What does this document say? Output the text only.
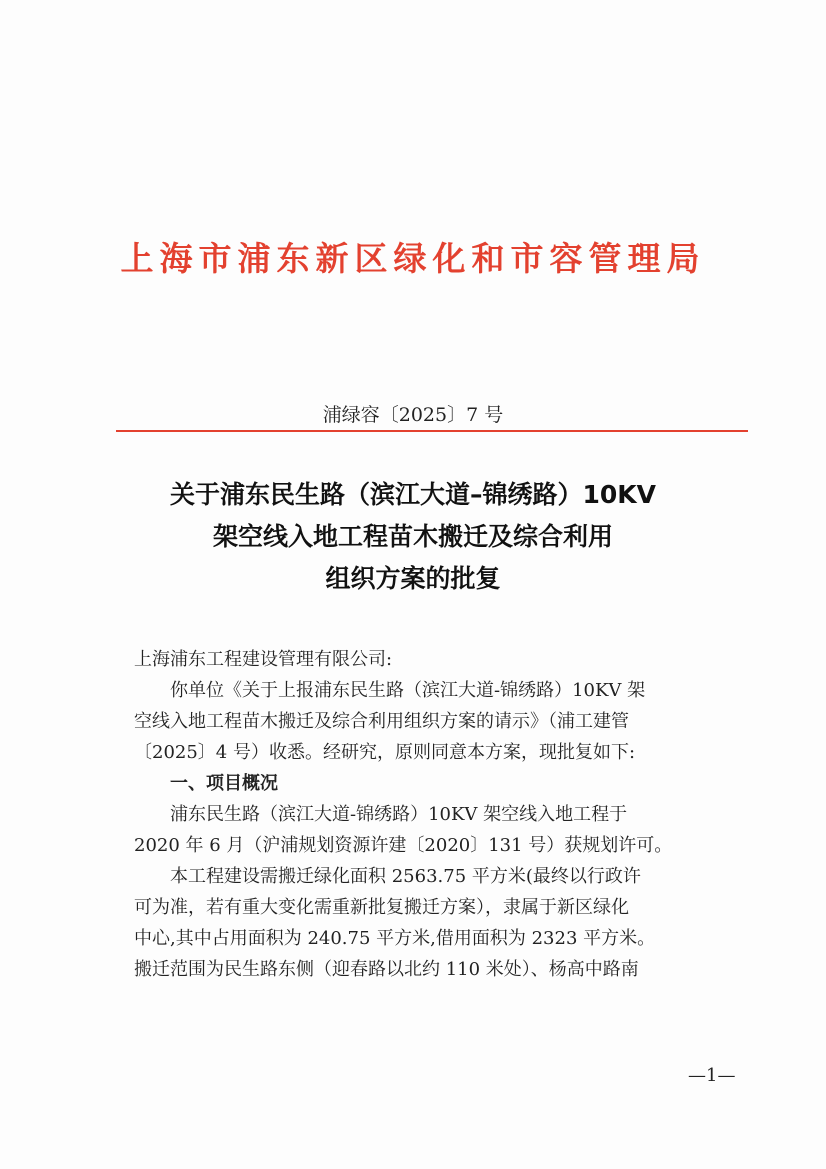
上海市浦东新区绿化和市容管理局
浦绿容〔2025〕7 号
关于浦东民生路（滨江大道–锦绣路）10KV
架空线入地工程苗木搬迁及综合利用
组织方案的批复
上海浦东工程建设管理有限公司:
你单位《关于上报浦东民生路（滨江大道-锦绣路）10KV 架
空线入地工程苗木搬迁及综合利用组织方案的请示》（浦工建管
〔2025〕4 号）收悉。经研究，原则同意本方案，现批复如下:
一、项目概况
浦东民生路（滨江大道-锦绣路）10KV 架空线入地工程于
2020 年 6 月（沪浦规划资源许建〔2020〕131 号）获规划许可。
本工程建设需搬迁绿化面积 2563.75 平方米(最终以行政许
可为准，若有重大变化需重新批复搬迁方案），隶属于新区绿化
中心,其中占用面积为 240.75 平方米,借用面积为 2323 平方米。
搬迁范围为民生路东侧（迎春路以北约 110 米处）、杨高中路南
—1—
